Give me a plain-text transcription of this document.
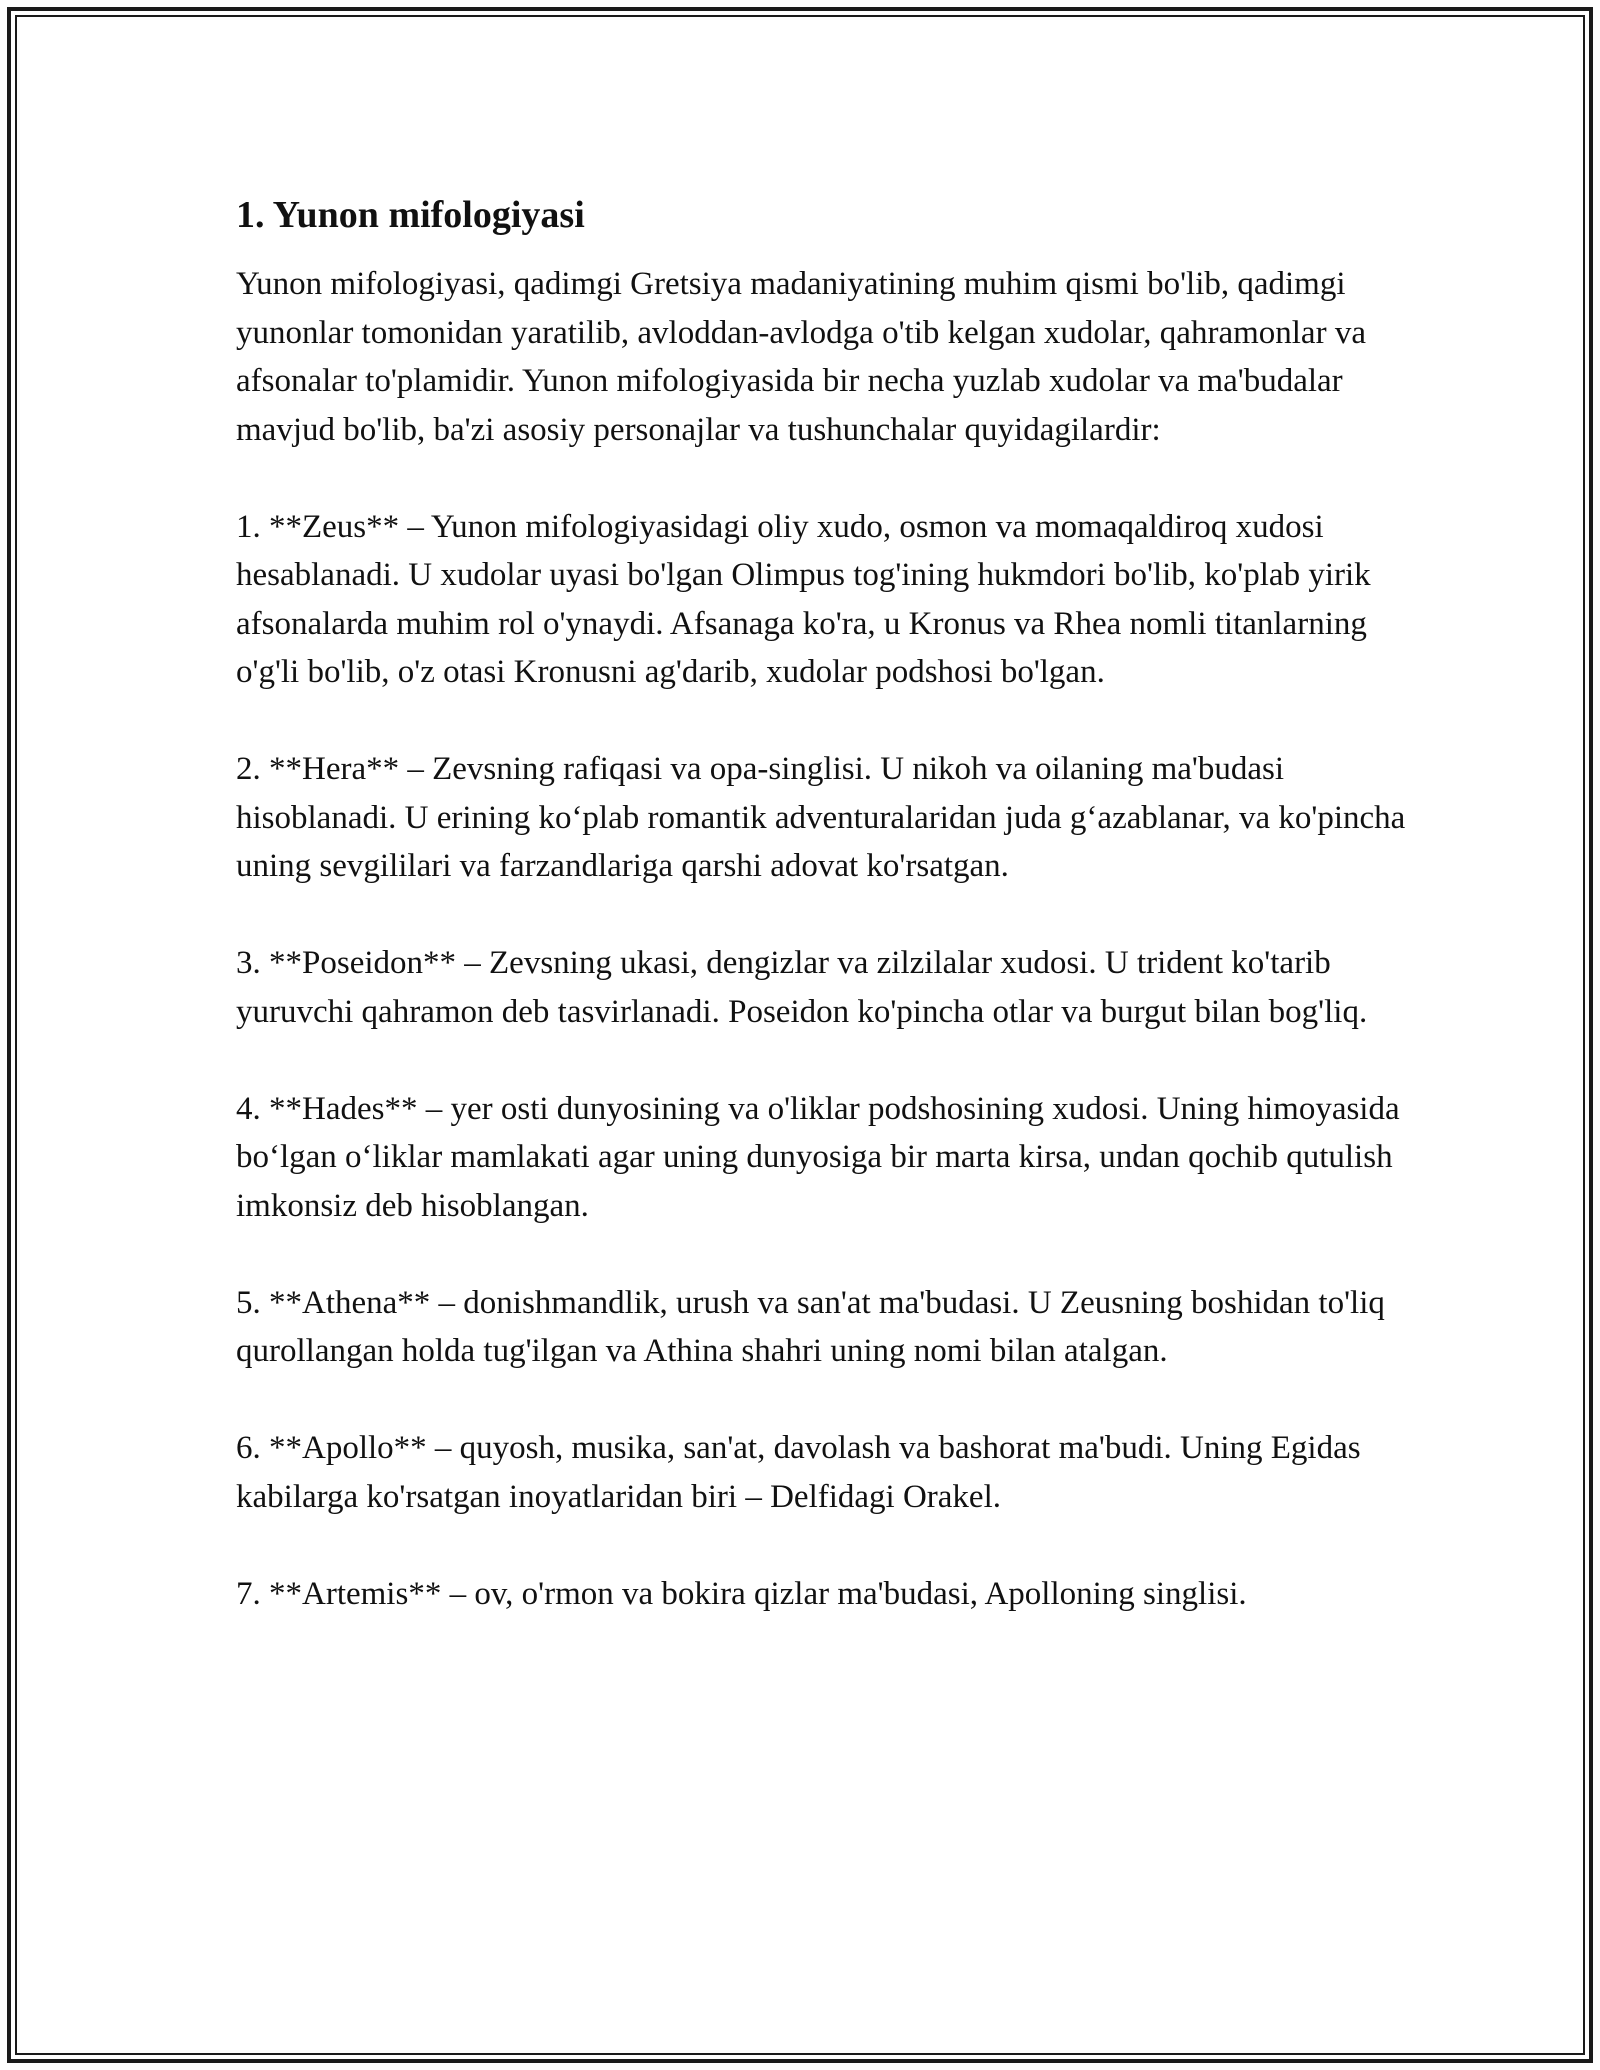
1. Yunon mifologiyasi

Yunon mifologiyasi, qadimgi Gretsiya madaniyatining muhim qismi bo'lib, qadimgi yunonlar tomonidan yaratilib, avloddan-avlodga o'tib kelgan xudolar, qahramonlar va afsonalar to'plamidir. Yunon mifologiyasida bir necha yuzlab xudolar va ma'budalar mavjud bo'lib, ba'zi asosiy personajlar va tushunchalar quyidagilardir:

1. **Zeus** – Yunon mifologiyasidagi oliy xudo, osmon va momaqaldiroq xudosi hesablanadi. U xudolar uyasi bo'lgan Olimpus tog'ining hukmdori bo'lib, ko'plab yirik afsonalarda muhim rol o'ynaydi. Afsanaga ko'ra, u Kronus va Rhea nomli titanlarning o'g'li bo'lib, o'z otasi Kronusni ag'darib, xudolar podshosi bo'lgan.

2. **Hera** – Zevsning rafiqasi va opa-singlisi. U nikoh va oilaning ma'budasi hisoblanadi. U erining ko‘plab romantik adventuralaridan juda g‘azablanar, va ko'pincha uning sevgililari va farzandlariga qarshi adovat ko'rsatgan.

3. **Poseidon** – Zevsning ukasi, dengizlar va zilzilalar xudosi. U trident ko'tarib yuruvchi qahramon deb tasvirlanadi. Poseidon ko'pincha otlar va burgut bilan bog'liq.

4. **Hades** – yer osti dunyosining va o'liklar podshosining xudosi. Uning himoyasida bo‘lgan o‘liklar mamlakati agar uning dunyosiga bir marta kirsa, undan qochib qutulish imkonsiz deb hisoblangan.

5. **Athena** – donishmandlik, urush va san'at ma'budasi. U Zeusning boshidan to'liq qurollangan holda tug'ilgan va Athina shahri uning nomi bilan atalgan.

6. **Apollo** – quyosh, musika, san'at, davolash va bashorat ma'budi. Uning Egidas kabilarga ko'rsatgan inoyatlaridan biri – Delfidagi Orakel.

7. **Artemis** – ov, o'rmon va bokira qizlar ma'budasi, Apolloning singlisi.
